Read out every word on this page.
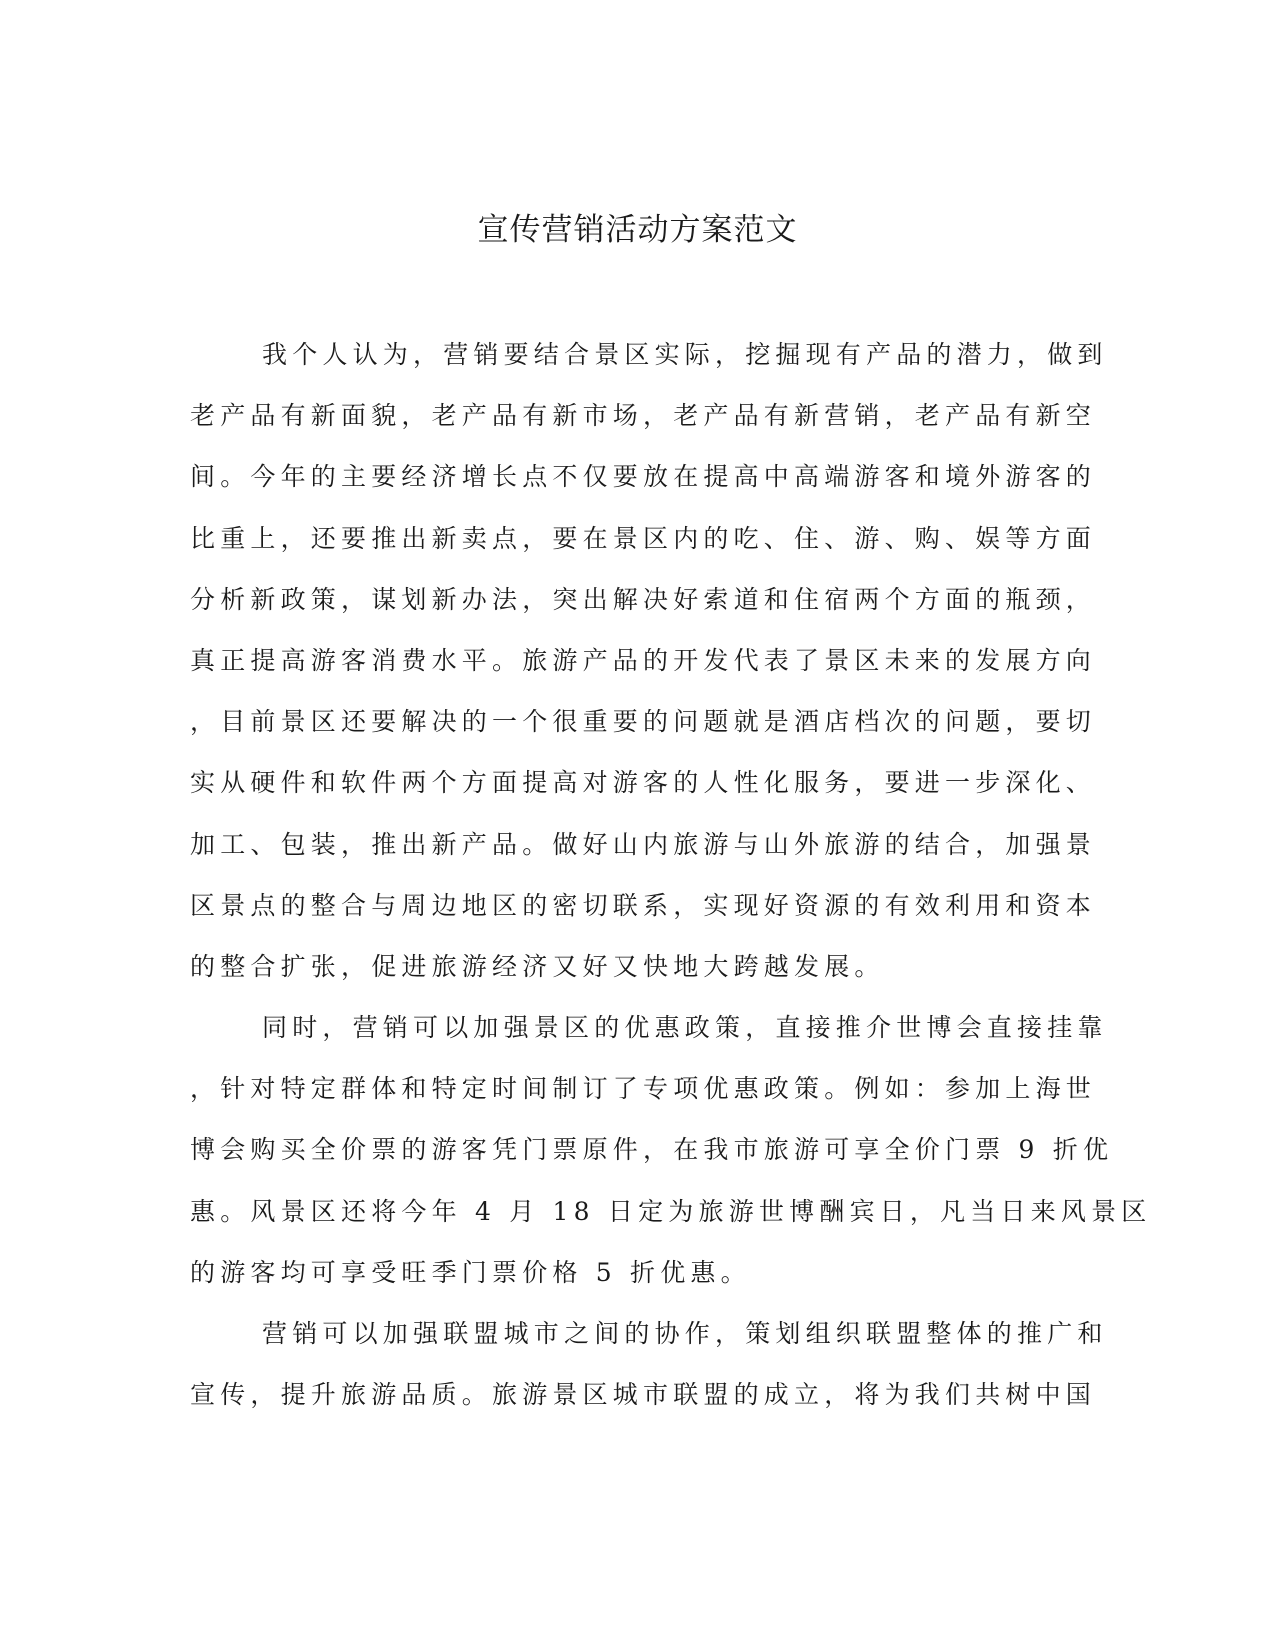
宣传营销活动方案范文

我个人认为，营销要结合景区实际，挖掘现有产品的潜力，做到
老产品有新面貌，老产品有新市场，老产品有新营销，老产品有新空
间。今年的主要经济增长点不仅要放在提高中高端游客和境外游客的
比重上，还要推出新卖点，要在景区内的吃、住、游、购、娱等方面
分析新政策，谋划新办法，突出解决好索道和住宿两个方面的瓶颈，
真正提高游客消费水平。旅游产品的开发代表了景区未来的发展方向
，目前景区还要解决的一个很重要的问题就是酒店档次的问题，要切
实从硬件和软件两个方面提高对游客的人性化服务，要进一步深化、
加工、包装，推出新产品。做好山内旅游与山外旅游的结合，加强景
区景点的整合与周边地区的密切联系，实现好资源的有效利用和资本
的整合扩张，促进旅游经济又好又快地大跨越发展。

同时，营销可以加强景区的优惠政策，直接推介世博会直接挂靠
，针对特定群体和特定时间制订了专项优惠政策。例如：参加上海世
博会购买全价票的游客凭门票原件，在我市旅游可享全价门票 9 折优
惠。风景区还将今年 4 月 18 日定为旅游世博酬宾日，凡当日来风景区
的游客均可享受旺季门票价格 5 折优惠。

营销可以加强联盟城市之间的协作，策划组织联盟整体的推广和
宣传，提升旅游品质。旅游景区城市联盟的成立，将为我们共树中国
